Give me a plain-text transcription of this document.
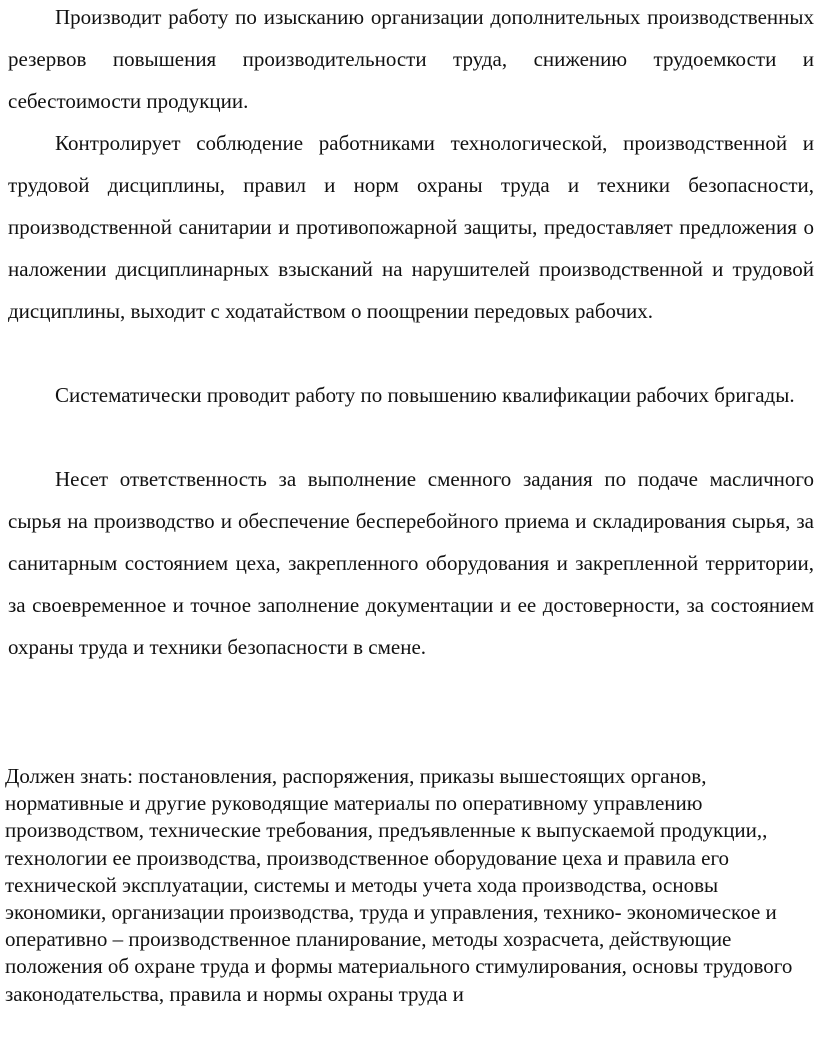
Производит работу по изысканию организации дополнительных производственных резервов повышения производительности труда, снижению трудоемкости и себестоимости продукции.

Контролирует соблюдение работниками технологической, производственной и трудовой дисциплины, правил и норм охраны труда и техники безопасности, производственной санитарии и противопожарной защиты, предоставляет предложения о наложении дисциплинарных взысканий на нарушителей производственной и трудовой дисциплины, выходит с ходатайством о поощрении передовых рабочих.

Систематически проводит работу по повышению квалификации рабочих бригады.

Несет ответственность за выполнение сменного задания по подаче масличного сырья на производство и обеспечение бесперебойного приема и складирования сырья, за санитарным состоянием цеха, закрепленного оборудования и закрепленной территории, за своевременное и точное заполнение документации и ее достоверности, за состоянием охраны труда и техники безопасности в смене.

Должен знать: постановления, распоряжения, приказы вышестоящих органов, нормативные и другие руководящие материалы по оперативному управлению производством, технические требования, предъявленные к выпускаемой продукции,, технологии ее производства, производственное оборудование цеха и правила его технической эксплуатации, системы и методы учета хода производства, основы экономики, организации производства, труда и управления, технико- экономическое и оперативно – производственное планирование, методы хозрасчета, действующие положения об охране труда и формы материального стимулирования, основы трудового законодательства, правила и нормы охраны труда и
